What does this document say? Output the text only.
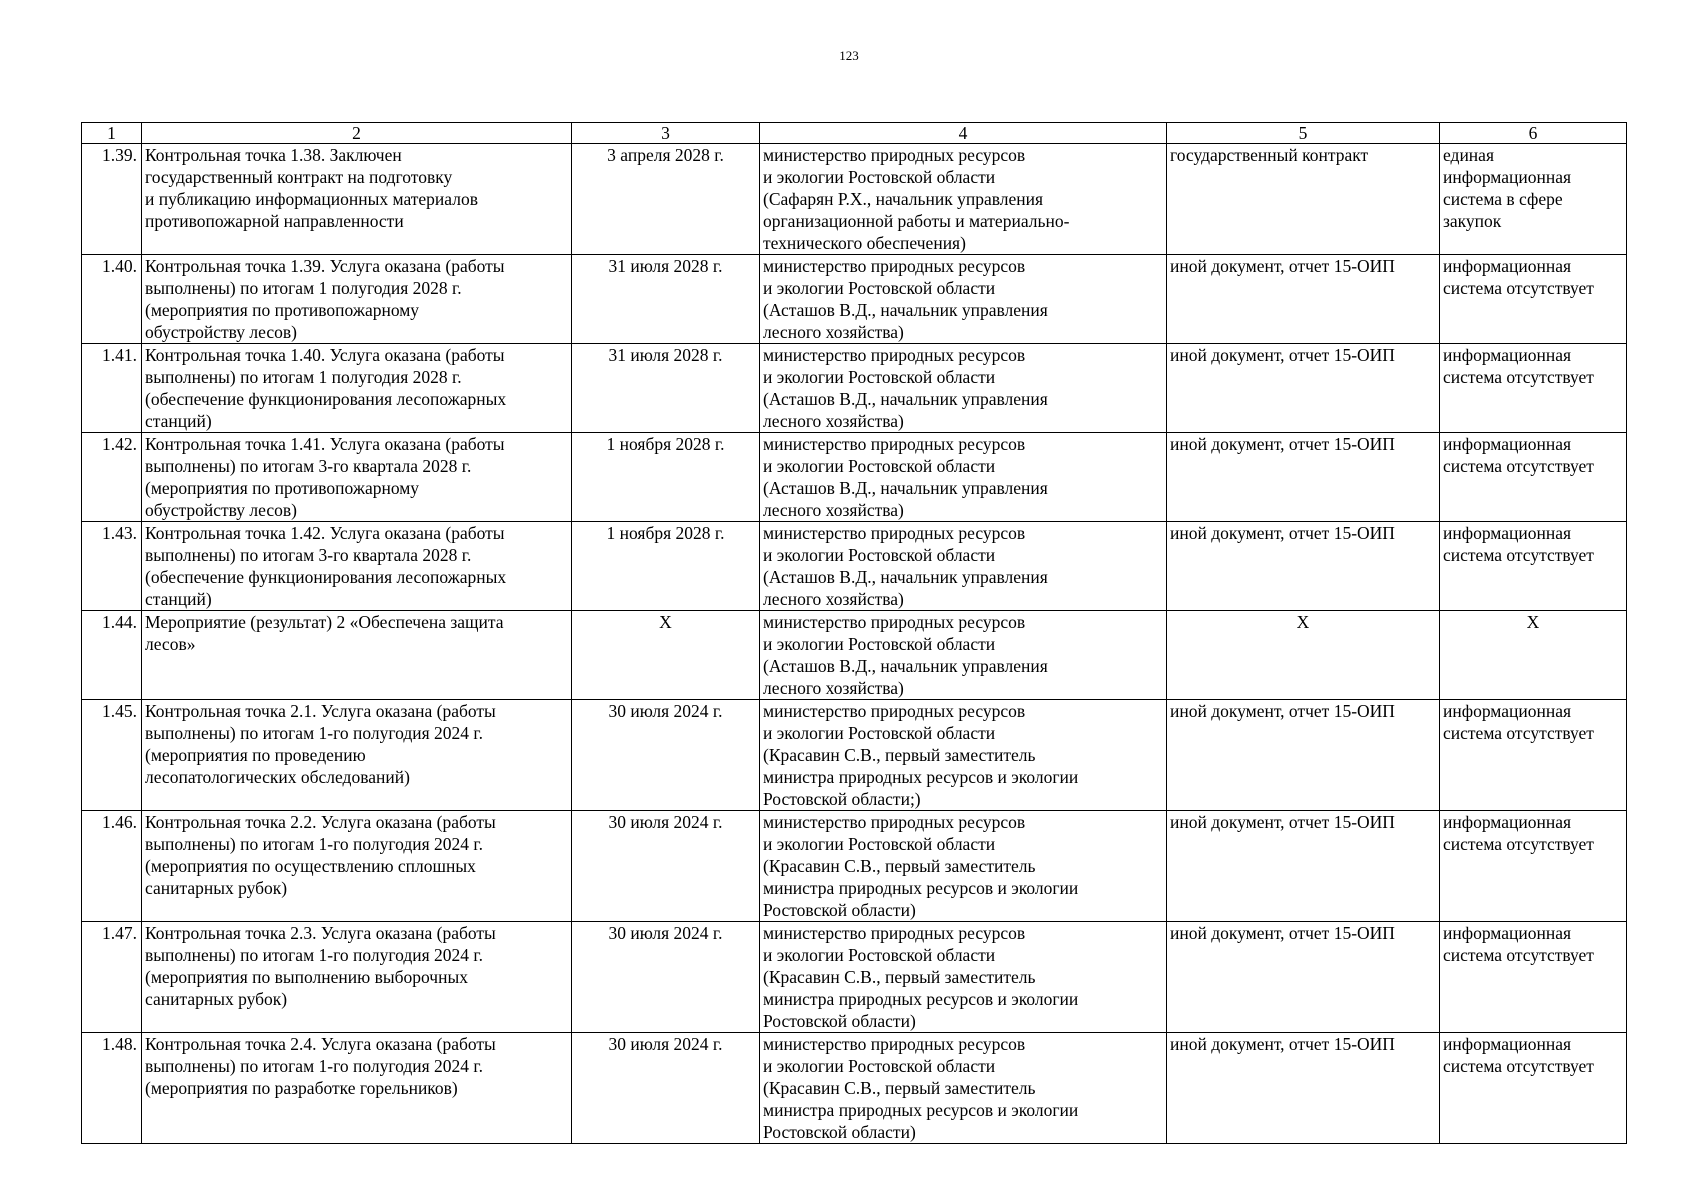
123
1	2	3	4	5	6
1.39.	Контрольная точка 1.38. Заключен
государственный контракт на подготовку
и публикацию информационных материалов
противопожарной направленности	3 апреля 2028 г.	министерство природных ресурсов
и экологии Ростовской области
(Сафарян Р.Х., начальник управления
организационной работы и материально-
технического обеспечения)	государственный контракт	единая
информационная
система в сфере
закупок
1.40.	Контрольная точка 1.39. Услуга оказана (работы
выполнены) по итогам 1 полугодия 2028 г.
(мероприятия по противопожарному
обустройству лесов)	31 июля 2028 г.	министерство природных ресурсов
и экологии Ростовской области
(Асташов В.Д., начальник управления
лесного хозяйства)	иной документ, отчет 15-ОИП	информационная
система отсутствует
1.41.	Контрольная точка 1.40. Услуга оказана (работы
выполнены) по итогам 1 полугодия 2028 г.
(обеспечение функционирования лесопожарных
станций)	31 июля 2028 г.	министерство природных ресурсов
и экологии Ростовской области
(Асташов В.Д., начальник управления
лесного хозяйства)	иной документ, отчет 15-ОИП	информационная
система отсутствует
1.42.	Контрольная точка 1.41. Услуга оказана (работы
выполнены) по итогам 3-го квартала 2028 г.
(мероприятия по противопожарному
обустройству лесов)	1 ноября 2028 г.	министерство природных ресурсов
и экологии Ростовской области
(Асташов В.Д., начальник управления
лесного хозяйства)	иной документ, отчет 15-ОИП	информационная
система отсутствует
1.43.	Контрольная точка 1.42. Услуга оказана (работы
выполнены) по итогам 3-го квартала 2028 г.
(обеспечение функционирования лесопожарных
станций)	1 ноября 2028 г.	министерство природных ресурсов
и экологии Ростовской области
(Асташов В.Д., начальник управления
лесного хозяйства)	иной документ, отчет 15-ОИП	информационная
система отсутствует
1.44.	Мероприятие (результат) 2 «Обеспечена защита
лесов»	X	министерство природных ресурсов
и экологии Ростовской области
(Асташов В.Д., начальник управления
лесного хозяйства)	X	X
1.45.	Контрольная точка 2.1. Услуга оказана (работы
выполнены) по итогам 1-го полугодия 2024 г.
(мероприятия по проведению
лесопатологических обследований)	30 июля 2024 г.	министерство природных ресурсов
и экологии Ростовской области
(Красавин С.В., первый заместитель
министра природных ресурсов и экологии
Ростовской области;)	иной документ, отчет 15-ОИП	информационная
система отсутствует
1.46.	Контрольная точка 2.2. Услуга оказана (работы
выполнены) по итогам 1-го полугодия 2024 г.
(мероприятия по осуществлению сплошных
санитарных рубок)	30 июля 2024 г.	министерство природных ресурсов
и экологии Ростовской области
(Красавин С.В., первый заместитель
министра природных ресурсов и экологии
Ростовской области)	иной документ, отчет 15-ОИП	информационная
система отсутствует
1.47.	Контрольная точка 2.3. Услуга оказана (работы
выполнены) по итогам 1-го полугодия 2024 г.
(мероприятия по выполнению выборочных
санитарных рубок)	30 июля 2024 г.	министерство природных ресурсов
и экологии Ростовской области
(Красавин С.В., первый заместитель
министра природных ресурсов и экологии
Ростовской области)	иной документ, отчет 15-ОИП	информационная
система отсутствует
1.48.	Контрольная точка 2.4. Услуга оказана (работы
выполнены) по итогам 1-го полугодия 2024 г.
(мероприятия по разработке горельников)	30 июля 2024 г.	министерство природных ресурсов
и экологии Ростовской области
(Красавин С.В., первый заместитель
министра природных ресурсов и экологии
Ростовской области)	иной документ, отчет 15-ОИП	информационная
система отсутствует
